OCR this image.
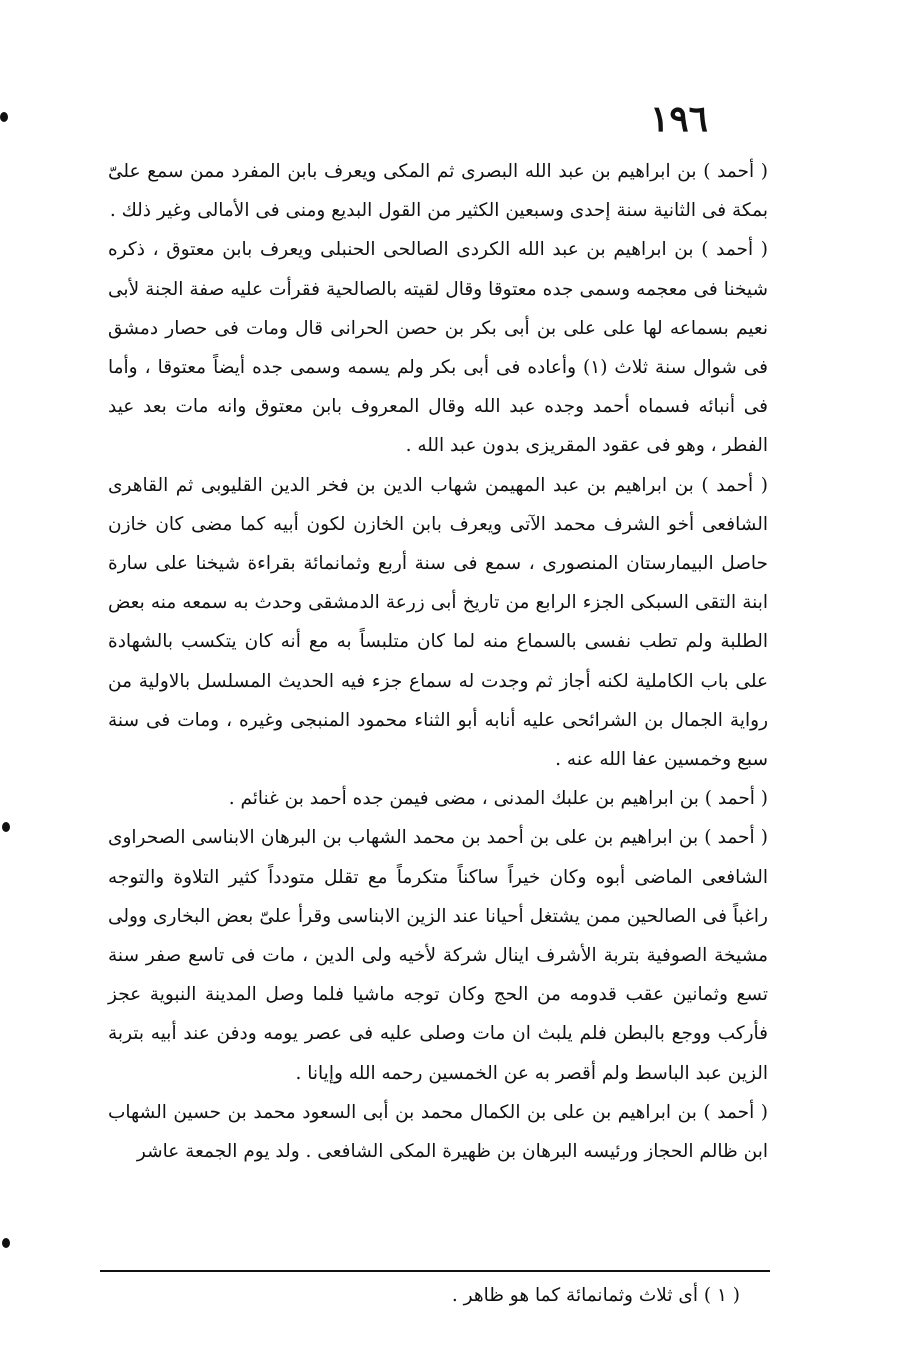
١٩٦

( أحمد ) بن ابراهيم بن عبد الله البصرى ثم المكى ويعرف بابن المفرد ممن سمع علىّ بمكة فى الثانية سنة إحدى وسبعين الكثير من القول البديع ومنى فى الأمالى وغير ذلك .

( أحمد ) بن ابراهيم بن عبد الله الكردى الصالحى الحنبلى ويعرف بابن معتوق ، ذكره شيخنا فى معجمه وسمى جده معتوقا وقال لقيته بالصالحية فقرأت عليه صفة الجنة لأبى نعيم بسماعه لها على على بن أبى بكر بن حصن الحرانى قال ومات فى حصار دمشق فى شوال سنة ثلاث (١) وأعاده فى أبى بكر ولم يسمه وسمى جده أيضاً معتوقا ، وأما فى أنبائه فسماه أحمد وجده عبد الله وقال المعروف بابن معتوق وانه مات بعد عيد الفطر ، وهو فى عقود المقريزى بدون عبد الله .

( أحمد ) بن ابراهيم بن عبد المهيمن شهاب الدين بن فخر الدين القليوبى ثم القاهرى الشافعى أخو الشرف محمد الآتى ويعرف بابن الخازن لكون أبيه كما مضى كان خازن حاصل البيمارستان المنصورى ، سمع فى سنة أربع وثمانمائة بقراءة شيخنا على سارة ابنة التقى السبكى الجزء الرابع من تاريخ أبى زرعة الدمشقى وحدث به سمعه منه بعض الطلبة ولم تطب نفسى بالسماع منه لما كان متلبساً به مع أنه كان يتكسب بالشهادة على باب الكاملية لكنه أجاز ثم وجدت له سماع جزء فيه الحديث المسلسل بالاولية من رواية الجمال بن الشرائحى عليه أنابه أبو الثناء محمود المنبجى وغيره ، ومات فى سنة سبع وخمسين عفا الله عنه .

( أحمد ) بن ابراهيم بن علبك المدنى ، مضى فيمن جده أحمد بن غنائم .

( أحمد ) بن ابراهيم بن على بن أحمد بن محمد الشهاب بن البرهان الابناسى الصحراوى الشافعى الماضى أبوه وكان خيراً ساكناً متكرماً مع تقلل متودداً كثير التلاوة والتوجه راغباً فى الصالحين ممن يشتغل أحيانا عند الزين الابناسى وقرأ علىّ بعض البخارى وولى مشيخة الصوفية بتربة الأشرف اينال شركة لأخيه ولى الدين ، مات فى تاسع صفر سنة تسع وثمانين عقب قدومه من الحج وكان توجه ماشيا فلما وصل المدينة النبوية عجز فأركب ووجع بالبطن فلم يلبث ان مات وصلى عليه فى عصر يومه ودفن عند أبيه بتربة الزين عبد الباسط ولم أقصر به عن الخمسين رحمه الله وإيانا .

( أحمد ) بن ابراهيم بن على بن الكمال محمد بن أبى السعود محمد بن حسين الشهاب ابن ظالم الحجاز ورئيسه البرهان بن ظهيرة المكى الشافعى . ولد يوم الجمعة عاشر

( ١ ) أى ثلاث وثمانمائة كما هو ظاهر .
